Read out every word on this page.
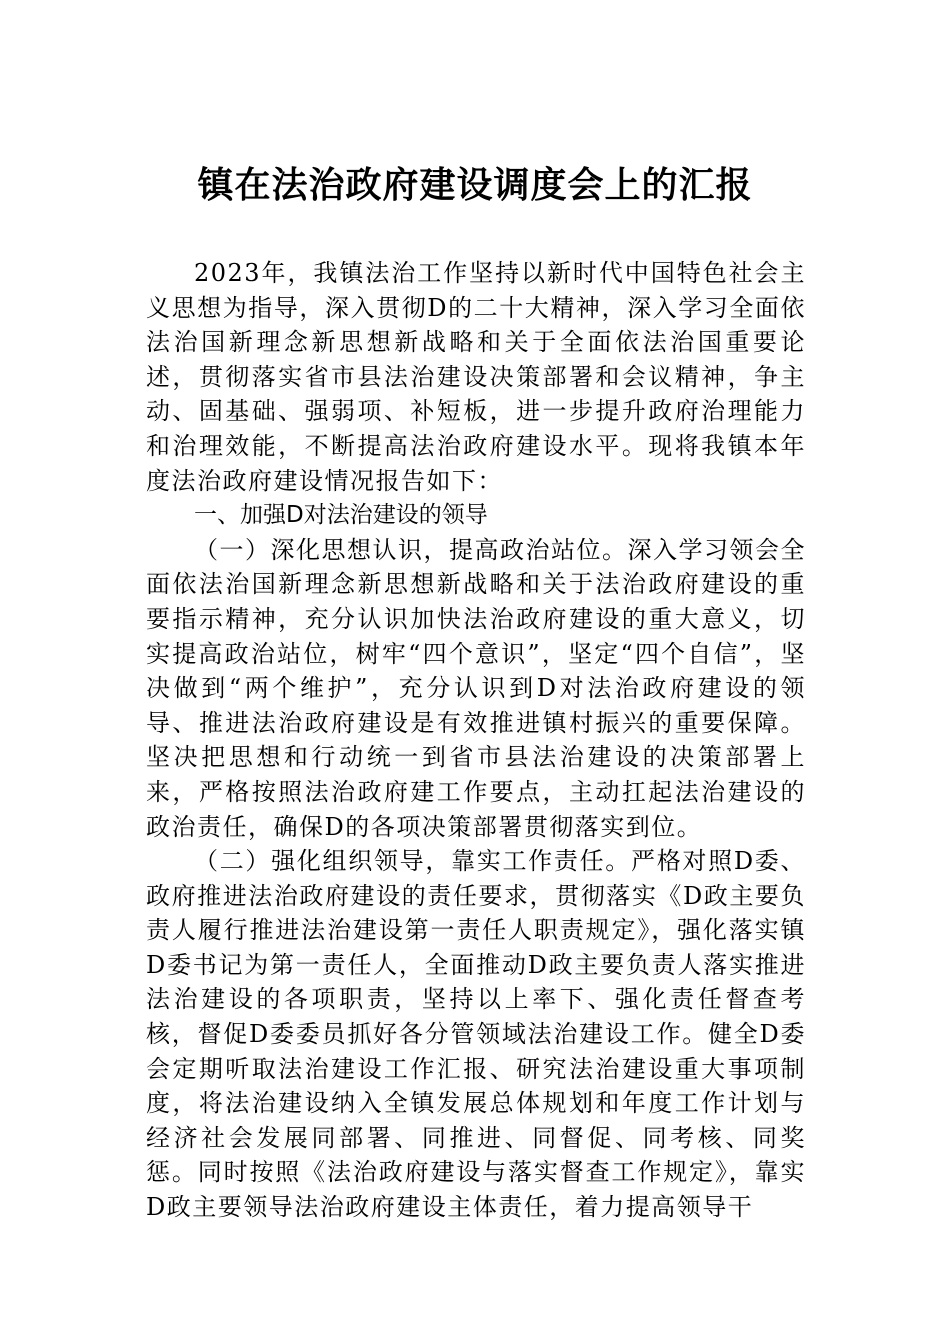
镇在法治政府建设调度会上的汇报

2023年，我镇法治工作坚持以新时代中国特色社会主义思想为指导，深入贯彻D的二十大精神，深入学习全面依法治国新理念新思想新战略和关于全面依法治国重要论述，贯彻落实省市县法治建设决策部署和会议精神，争主动、固基础、强弱项、补短板，进一步提升政府治理能力和治理效能，不断提高法治政府建设水平。现将我镇本年度法治政府建设情况报告如下：

一、加强D对法治建设的领导

（一）深化思想认识，提高政治站位。深入学习领会全面依法治国新理念新思想新战略和关于法治政府建设的重要指示精神，充分认识加快法治政府建设的重大意义，切实提高政治站位，树牢“四个意识”，坚定“四个自信”，坚决做到“两个维护”，充分认识到D对法治政府建设的领导、推进法治政府建设是有效推进镇村振兴的重要保障。坚决把思想和行动统一到省市县法治建设的决策部署上来，严格按照法治政府建工作要点，主动扛起法治建设的政治责任，确保D的各项决策部署贯彻落实到位。

（二）强化组织领导，靠实工作责任。严格对照D委、政府推进法治政府建设的责任要求，贯彻落实《D政主要负责人履行推进法治建设第一责任人职责规定》，强化落实镇D委书记为第一责任人，全面推动D政主要负责人落实推进法治建设的各项职责，坚持以上率下、强化责任督查考核，督促D委委员抓好各分管领域法治建设工作。健全D委会定期听取法治建设工作汇报、研究法治建设重大事项制度，将法治建设纳入全镇发展总体规划和年度工作计划与经济社会发展同部署、同推进、同督促、同考核、同奖惩。同时按照《法治政府建设与落实督查工作规定》，靠实D政主要领导法治政府建设主体责任，着力提高领导干
